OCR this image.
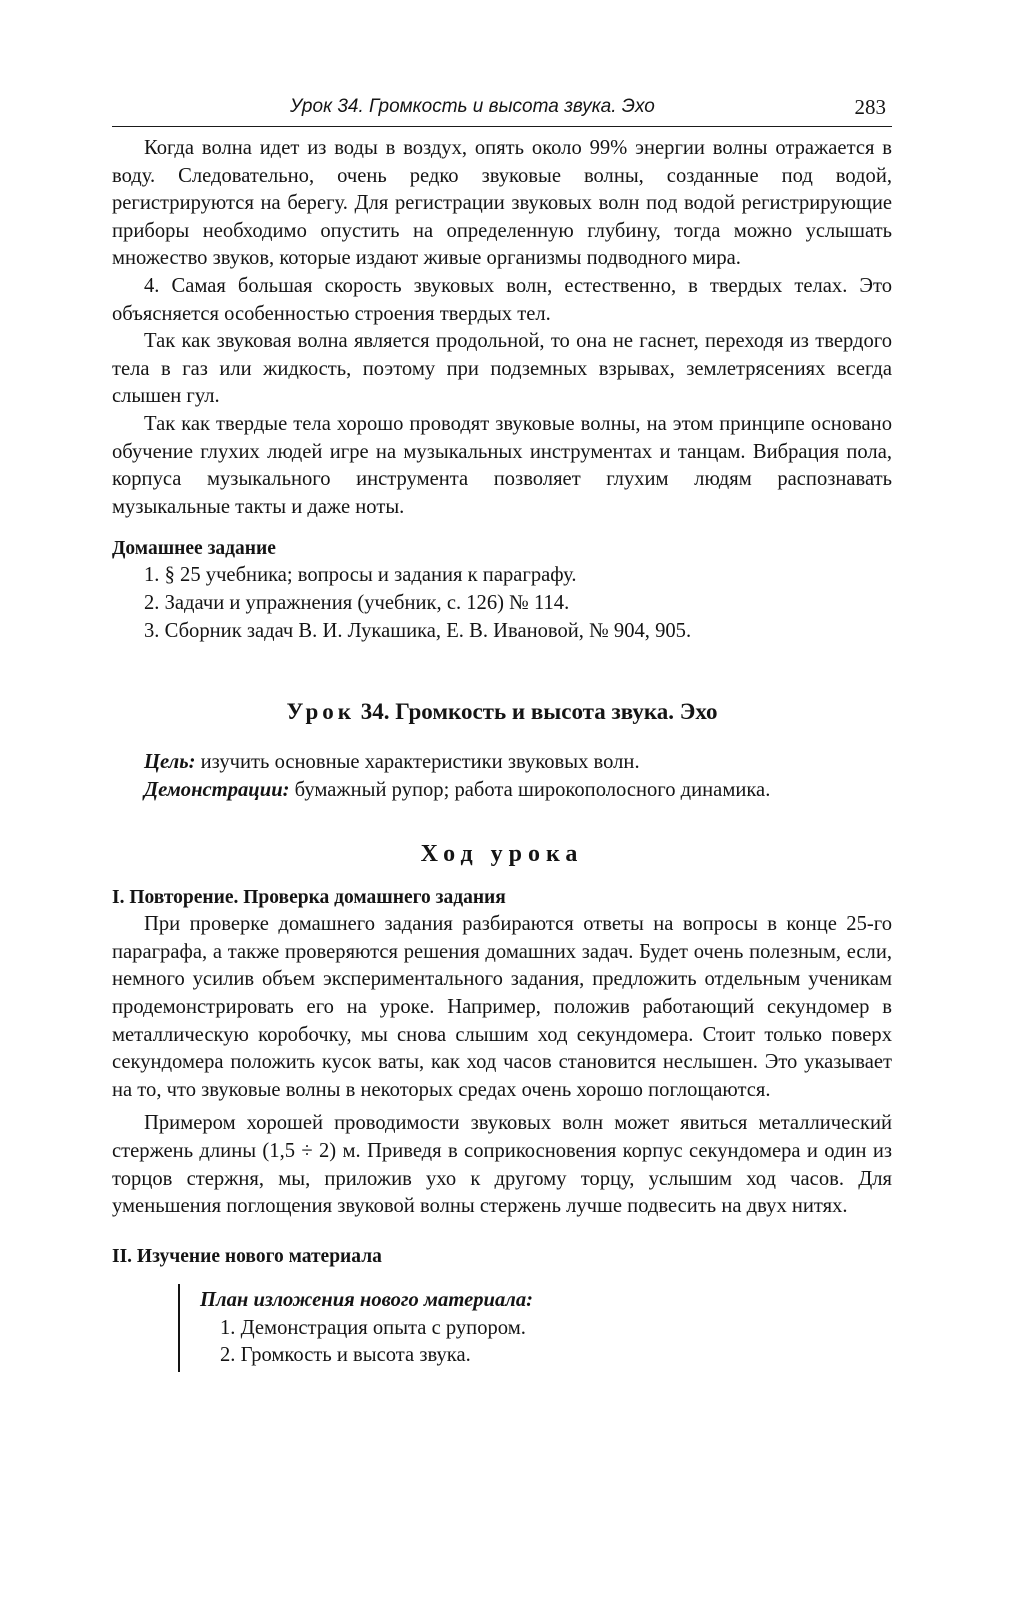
Урок 34. Громкость и высота звука. Эхо	283

Когда волна идет из воды в воздух, опять около 99% энергии волны отражается в воду. Следовательно, очень редко звуковые волны, созданные под водой, регистрируются на берегу. Для регистрации звуковых волн под водой регистрирующие приборы необходимо опустить на определенную глубину, тогда можно услышать множество звуков, которые издают живые организмы подводного мира.

4. Самая большая скорость звуковых волн, естественно, в твердых телах. Это объясняется особенностью строения твердых тел.

Так как звуковая волна является продольной, то она не гаснет, переходя из твердого тела в газ или жидкость, поэтому при подземных взрывах, землетрясениях всегда слышен гул.

Так как твердые тела хорошо проводят звуковые волны, на этом принципе основано обучение глухих людей игре на музыкальных инструментах и танцам. Вибрация пола, корпуса музыкального инструмента позволяет глухим людям распознавать музыкальные такты и даже ноты.

Домашнее задание
1. § 25 учебника; вопросы и задания к параграфу.
2. Задачи и упражнения (учебник, с. 126) № 114.
3. Сборник задач В. И. Лукашика, Е. В. Ивановой, № 904, 905.
Урок 34. Громкость и высота звука. Эхо
Цель: изучить основные характеристики звуковых волн.
Демонстрации: бумажный рупор; работа широкополосного динамика.
Ход урока
I. Повторение. Проверка домашнего задания

При проверке домашнего задания разбираются ответы на вопросы в конце 25-го параграфа, а также проверяются решения домашних задач. Будет очень полезным, если, немного усилив объем экспериментального задания, предложить отдельным ученикам продемонстрировать его на уроке. Например, положив работающий секундомер в металлическую коробочку, мы снова слышим ход секундомера. Стоит только поверх секундомера положить кусок ваты, как ход часов становится неслышен. Это указывает на то, что звуковые волны в некоторых средах очень хорошо поглощаются.

Примером хорошей проводимости звуковых волн может явиться металлический стержень длины (1,5 ÷ 2) м. Приведя в соприкосновения корпус секундомера и один из торцов стержня, мы, приложив ухо к другому торцу, услышим ход часов. Для уменьшения поглощения звуковой волны стержень лучше подвесить на двух нитях.

II. Изучение нового материала
План изложения нового материала:
1. Демонстрация опыта с рупором.
2. Громкость и высота звука.
